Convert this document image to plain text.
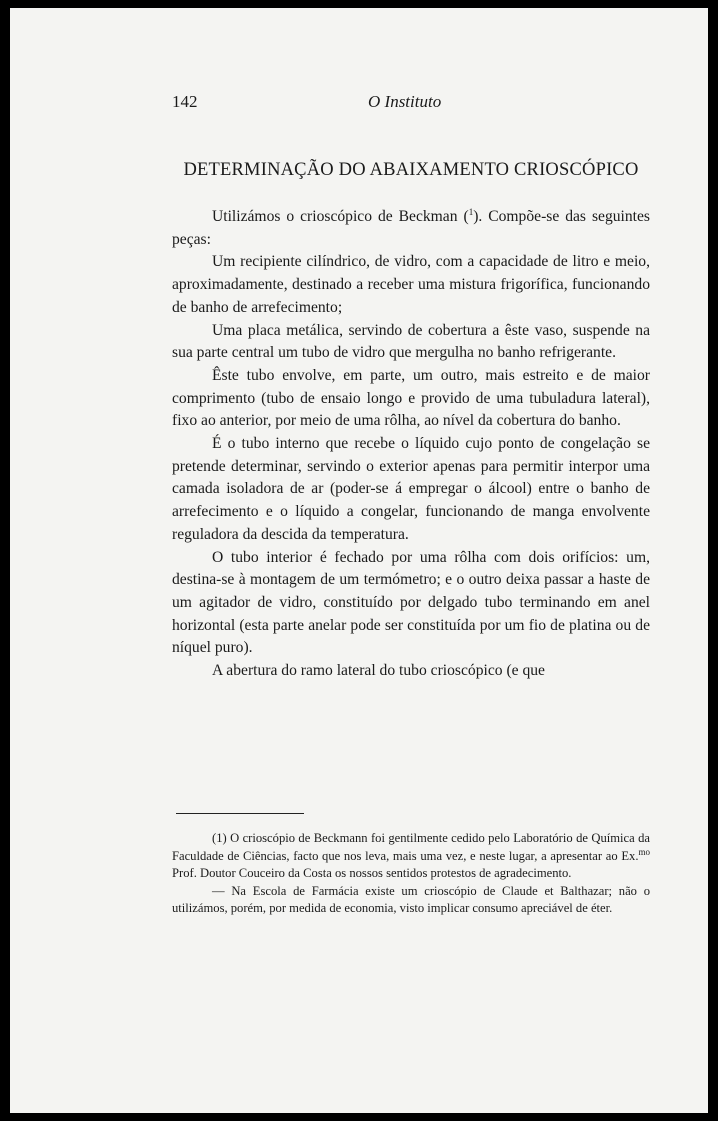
142	O Instituto
DETERMINAÇÃO DO ABAIXAMENTO CRIOSCÓPICO

Utilizámos o crioscópico de Beckman ($^1$). Compõe-se das seguintes peças:

Um recipiente cilíndrico, de vidro, com a capacidade de litro e meio, aproximadamente, destinado a receber uma mistura frigorífica, funcionando de banho de arrefecimento;

Uma placa metálica, servindo de cobertura a êste vaso, suspende na sua parte central um tubo de vidro que mergulha no banho refrigerante.

Êste tubo envolve, em parte, um outro, mais estreito e de maior comprimento (tubo de ensaio longo e provido de uma tubuladura lateral), fixo ao anterior, por meio de uma rôlha, ao nível da cobertura do banho.

É o tubo interno que recebe o líquido cujo ponto de congelação se pretende determinar, servindo o exterior apenas para permitir interpor uma camada isoladora de ar (poder-se á empregar o álcool) entre o banho de arrefecimento e o líquido a congelar, funcionando de manga envolvente reguladora da descida da temperatura.

O tubo interior é fechado por uma rôlha com dois orifícios: um, destina-se à montagem de um termómetro; e o outro deixa passar a haste de um agitador de vidro, constituído por delgado tubo terminando em anel horizontal (esta parte anelar pode ser constituída por um fio de platina ou de níquel puro).

A abertura do ramo lateral do tubo crioscópico (e que

(1) O crioscópio de Beckmann foi gentilmente cedido pelo Laboratório de Química da Faculdade de Ciências, facto que nos leva, mais uma vez, e neste lugar, a apresentar ao Ex.$^{mo}$ Prof. Doutor Couceiro da Costa os nossos sentidos protestos de agradecimento.

— Na Escola de Farmácia existe um crioscópio de Claude et Balthazar; não o utilizámos, porém, por medida de economia, visto implicar consumo apreciável de éter.
